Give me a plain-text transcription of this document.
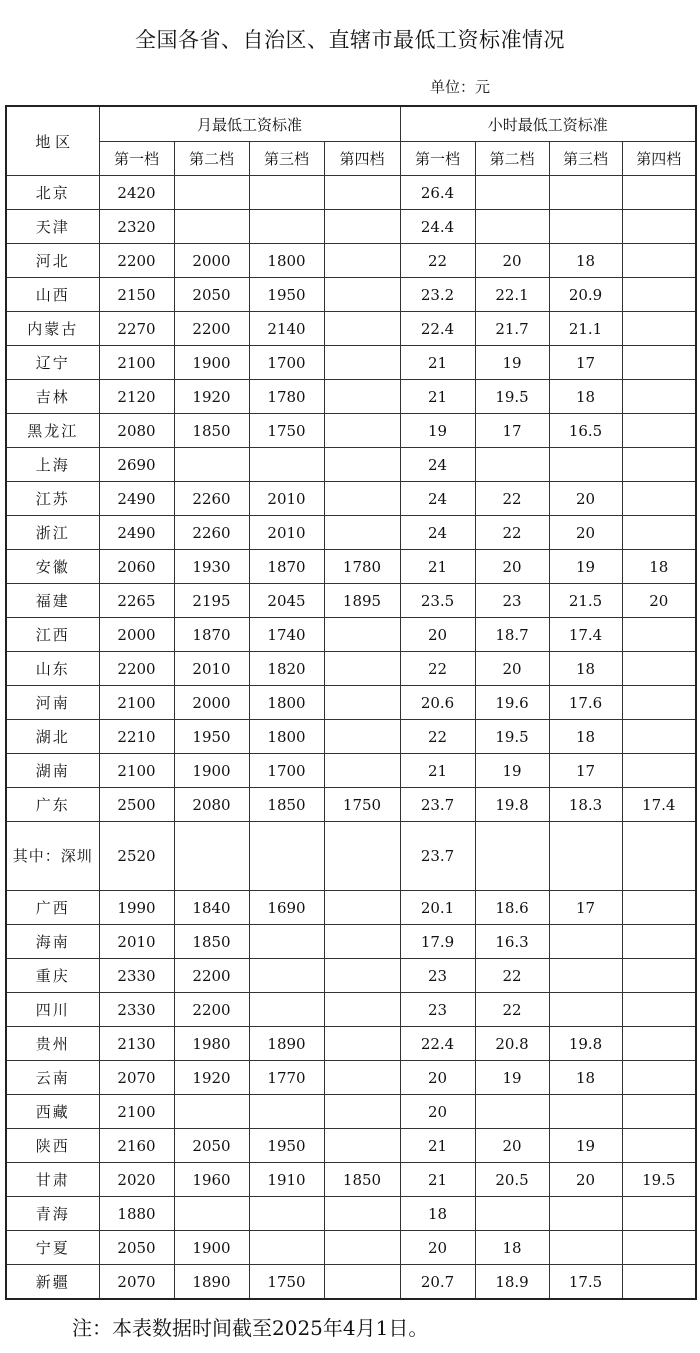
全国各省、自治区、直辖市最低工资标准情况
单位：元
地 区	月最低工资标准				小时最低工资标准			
	第一档	第二档	第三档	第四档	第一档	第二档	第三档	第四档
北京	2420				26.4			
天津	2320				24.4			
河北	2200	2000	1800		22	20	18	
山西	2150	2050	1950		23.2	22.1	20.9	
内蒙古	2270	2200	2140		22.4	21.7	21.1	
辽宁	2100	1900	1700		21	19	17	
吉林	2120	1920	1780		21	19.5	18	
黑龙江	2080	1850	1750		19	17	16.5	
上海	2690				24			
江苏	2490	2260	2010		24	22	20	
浙江	2490	2260	2010		24	22	20	
安徽	2060	1930	1870	1780	21	20	19	18
福建	2265	2195	2045	1895	23.5	23	21.5	20
江西	2000	1870	1740		20	18.7	17.4	
山东	2200	2010	1820		22	20	18	
河南	2100	2000	1800		20.6	19.6	17.6	
湖北	2210	1950	1800		22	19.5	18	
湖南	2100	1900	1700		21	19	17	
广东	2500	2080	1850	1750	23.7	19.8	18.3	17.4
其中：深圳	2520				23.7			
广西	1990	1840	1690		20.1	18.6	17	
海南	2010	1850			17.9	16.3		
重庆	2330	2200			23	22		
四川	2330	2200			23	22		
贵州	2130	1980	1890		22.4	20.8	19.8	
云南	2070	1920	1770		20	19	18	
西藏	2100				20			
陕西	2160	2050	1950		21	20	19	
甘肃	2020	1960	1910	1850	21	20.5	20	19.5
青海	1880				18			
宁夏	2050	1900			20	18		
新疆	2070	1890	1750		20.7	18.9	17.5	
注：本表数据时间截至2025年4月1日。
